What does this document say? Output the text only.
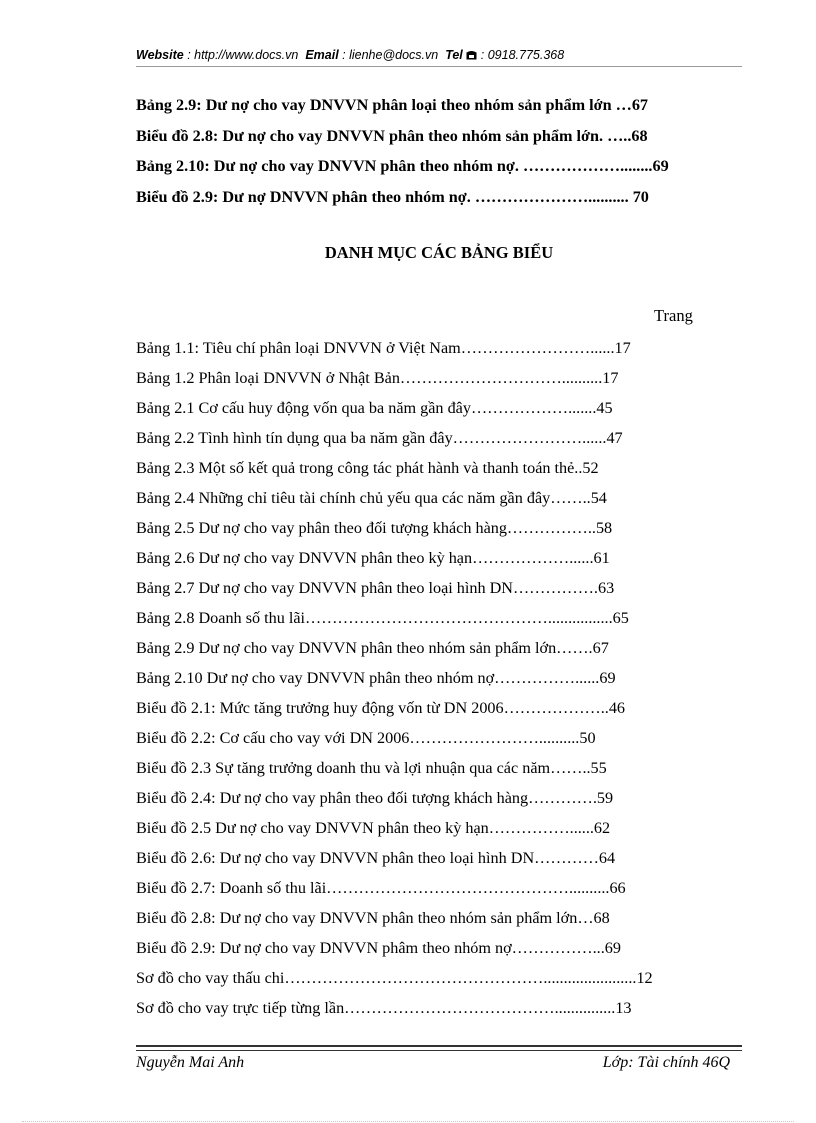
Website : http://www.docs.vn Email : lienhe@docs.vn Tel : 0918.775.368
Bảng 2.9: Dư nợ cho vay DNVVN phân loại theo nhóm sản phẩm lớn …67
Biểu đồ 2.8: Dư nợ cho vay DNVVN phân theo nhóm sản phẩm lớn. …..68
Bảng 2.10: Dư nợ cho vay DNVVN phân theo nhóm nợ. ………………........69
Biểu đồ 2.9: Dư nợ DNVVN phân theo nhóm nợ. ………………….......... 70
DANH MỤC CÁC BẢNG BIỂU
Trang
Bảng 1.1: Tiêu chí phân loại DNVVN ở Việt Nam……………………......17
Bảng 1.2 Phân loại DNVVN ở Nhật Bản…………………………..........17
Bảng 2.1 Cơ cấu huy động vốn qua ba năm gần đây……………….......45
Bảng 2.2 Tình hình tín dụng qua ba năm gần đây……………………......47
Bảng 2.3 Một số kết quả trong công tác phát hành và thanh toán thẻ..52
Bảng 2.4 Những chỉ tiêu tài chính chủ yếu qua các năm gần đây……..54
Bảng 2.5 Dư nợ cho vay phân theo đối tượng khách hàng……………..58
Bảng 2.6 Dư nợ cho vay DNVVN phân theo kỳ hạn………………......61
Bảng 2.7 Dư nợ cho vay DNVVN phân theo loại hình DN…………….63
Bảng 2.8 Doanh số thu lãi………………………………………................65
Bảng 2.9 Dư nợ cho vay DNVVN phân theo nhóm sản phẩm lớn…….67
Bảng 2.10 Dư nợ cho vay DNVVN phân theo nhóm nợ……………......69
Biểu đồ 2.1: Mức tăng trưởng huy động vốn từ DN 2006………………..46
Biểu đồ 2.2: Cơ cấu cho vay với DN 2006……………………..........50
Biểu đồ 2.3 Sự tăng trưởng doanh thu và lợi nhuận qua các năm……..55
Biểu đồ 2.4: Dư nợ cho vay phân theo đối tượng khách hàng………….59
Biểu đồ 2.5 Dư nợ cho vay DNVVN phân theo kỳ hạn……………......62
Biểu đồ 2.6: Dư nợ cho vay DNVVN phân theo loại hình DN…………64
Biểu đồ 2.7: Doanh số thu lãi………………………………………..........66
Biểu đồ 2.8: Dư nợ cho vay DNVVN phân theo nhóm sản phẩm lớn…68
Biểu đồ 2.9: Dư nợ cho vay DNVVN phâm theo nhóm nợ……………...69
Sơ đồ cho vay thấu chi………………………………………….......................12
Sơ đồ cho vay trực tiếp từng lần…………………………………...............13
Nguyễn Mai Anh	Lớp: Tài chính 46Q
